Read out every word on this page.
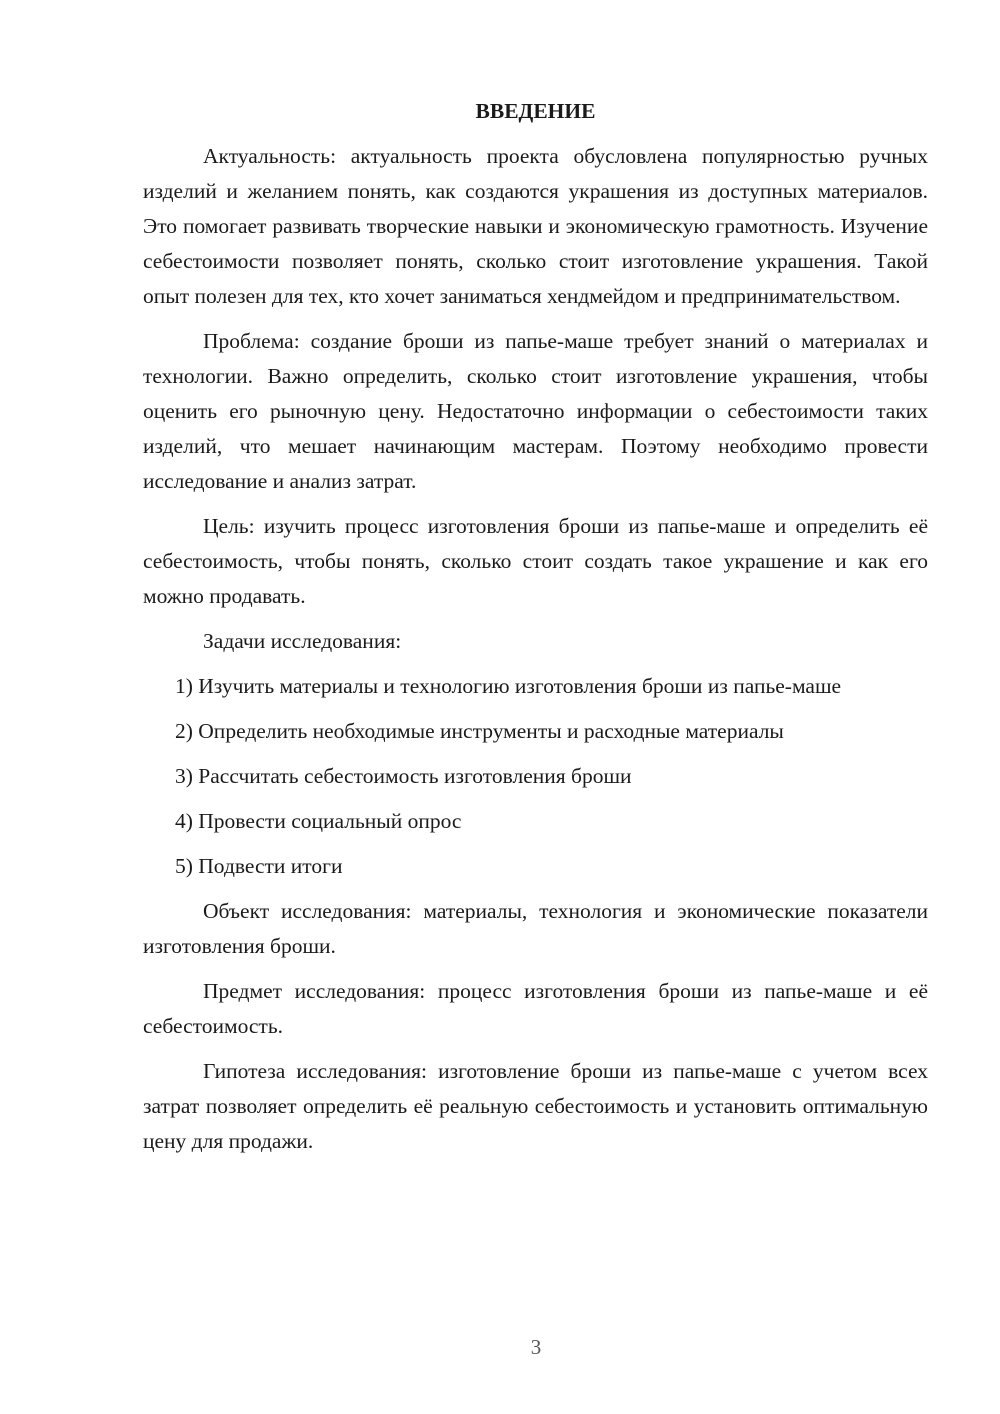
ВВЕДЕНИЕ

Актуальность: актуальность проекта обусловлена популярностью ручных изделий и желанием понять, как создаются украшения из доступных материалов. Это помогает развивать творческие навыки и экономическую грамотность. Изучение себестоимости позволяет понять, сколько стоит изготовление украшения. Такой опыт полезен для тех, кто хочет заниматься хендмейдом и предпринимательством.

Проблема: создание броши из папье-маше требует знаний о материалах и технологии. Важно определить, сколько стоит изготовление украшения, чтобы оценить его рыночную цену. Недостаточно информации о себестоимости таких изделий, что мешает начинающим мастерам. Поэтому необходимо провести исследование и анализ затрат.

Цель: изучить процесс изготовления броши из папье-маше и определить её себестоимость, чтобы понять, сколько стоит создать такое украшение и как его можно продавать.

Задачи исследования:

1) Изучить материалы и технологию изготовления броши из папье-маше

2) Определить необходимые инструменты и расходные материалы

3) Рассчитать себестоимость изготовления броши

4) Провести социальный опрос

5) Подвести итоги

Объект исследования: материалы, технология и экономические показатели изготовления броши.

Предмет исследования: процесс изготовления броши из папье-маше и её себестоимость.

Гипотеза исследования: изготовление броши из папье-маше с учетом всех затрат позволяет определить её реальную себестоимость и установить оптимальную цену для продажи.

3
